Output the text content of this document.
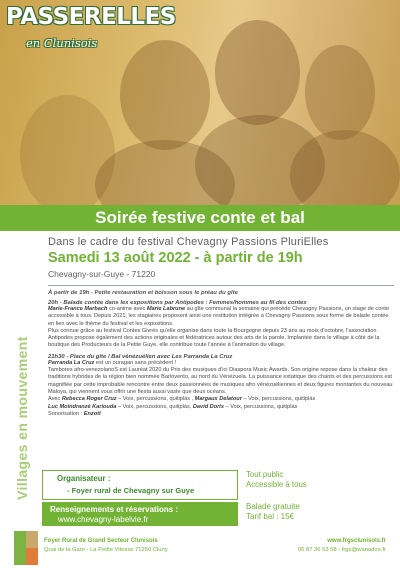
PASSERELLES
en Clunisois
Soirée festive conte et bal
Villages en mouvement
Dans le cadre du festival Chevagny Passions PluriElles
Samedi 13 août 2022 - à partir de 19h
Chevagny-sur-Guye - 71220
À partir de 19h - Petite restauration et boisson sous le préau du gîte
20h - Balade contée dans les expositions par Antipodes : Femmes/hommes au fil des contes
Marie-France Marbach co-anime avec Marie Labrune au gîte communal la semaine qui précède Chevagny Passions, un stage de conte accessible à tous. Depuis 2021, les stagiaires proposent ainsi une restitution intégrée à Chevagny Passions sous forme de balade contée en lien avec le thème du festival et les expositions.
Plus connue grâce au festival Contes Givrés qu'elle organise dans toute la Bourgogne depuis 23 ans au mois d'octobre, l'association Antipodes propose également des actions originales et fédératrices autour des arts de la parole. Implantée dans le village à côté de la boutique des Producteurs de la Petite Guye, elle contribue toute l'année à l'animation du village.
21h30 - Place du gîte / Bal vénézuélien avec Les Parranda La Cruz
Parranda La Cruz est un ouragan sans précédent !
Tambores afro-venezolanoS est Lauréat 2020 du Prix des musiques d'ici Diaspora Music Awards. Son origine repose dans la chaleur des traditions hybrides de la région bien nommée Barlovento, au nord du Vénézuela. La puissance extatique des chants et des percussions est magnifiée par cette improbable rencontre entre deux passionnées de musiques afro vénézuéliennes et deux figures montantes du nouveau Maloya, qui viennent vous offrir une fiesta aussi vaste que deux océans.
Avec Rebecca Roger Cruz – Voix, percussions, quitiplás , Margaux Delatour – Voix, percussions, quitiplás
Luc Moindranzé Kariouda – Voix, percussions, quitiplás, David Doris – Voix, percussions, quitiplás
Sonorisation : Enzott
Organisateur :
- Foyer rural de Chevagny sur Guye
Tout public
Accessible à tous
Renseignements et réservations :
www.chevagny-labelvie.fr
Balade gratuite
Tarif bal : 15€
Foyer Rural de Grand Secteur Clunisois
Quai de la Gare - La Petite Vitesse 71250 Cluny
www.frgsclunisois.fr
06 87 36 53 58 - frgs@wanadoo.fr
